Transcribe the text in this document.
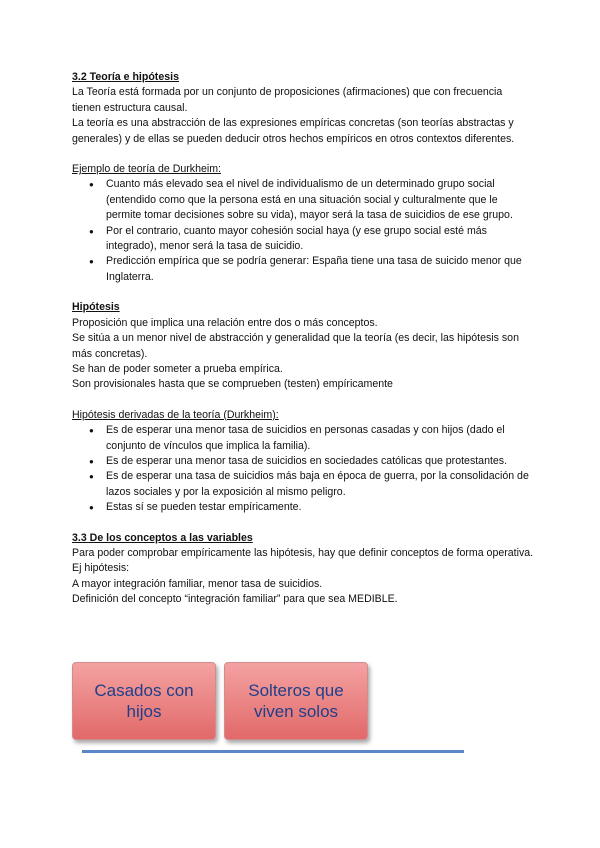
3.2 Teoría e hipótesis

La Teoría está formada por un conjunto de proposiciones (afirmaciones) que con frecuencia tienen estructura causal.

La teoría es una abstracción de las expresiones empíricas concretas (son teorías abstractas y generales) y de ellas se pueden deducir otros hechos empíricos en otros contextos diferentes.

Ejemplo de teoría de Durkheim:

● Cuanto más elevado sea el nivel de individualismo de un determinado grupo social (entendido como que la persona está en una situación social y culturalmente que le permite tomar decisiones sobre su vida), mayor será la tasa de suicidios de ese grupo.
● Por el contrario, cuanto mayor cohesión social haya (y ese grupo social esté más integrado), menor será la tasa de suicidio.
● Predicción empírica que se podría generar: España tiene una tasa de suicido menor que Inglaterra.

Hipótesis

Proposición que implica una relación entre dos o más conceptos.

Se sitúa a un menor nivel de abstracción y generalidad que la teoría (es decir, las hipótesis son más concretas).

Se han de poder someter a prueba empírica.

Son provisionales hasta que se comprueben (testen) empíricamente

Hipótesis derivadas de la teoría (Durkheim):

● Es de esperar una menor tasa de suicidios en personas casadas y con hijos (dado el conjunto de vínculos que implica la familia).
● Es de esperar una menor tasa de suicidios en sociedades católicas que protestantes.
● Es de esperar una tasa de suicidios más baja en época de guerra, por la consolidación de lazos sociales y por la exposición al mismo peligro.
● Estas sí se pueden testar empíricamente.

3.3 De los conceptos a las variables

Para poder comprobar empíricamente las hipótesis, hay que definir conceptos de forma operativa.

Ej hipótesis:

A mayor integración familiar, menor tasa de suicidios.

Definición del concepto “integración familiar” para que sea MEDIBLE.

Casados con hijos
Solteros que viven solos
